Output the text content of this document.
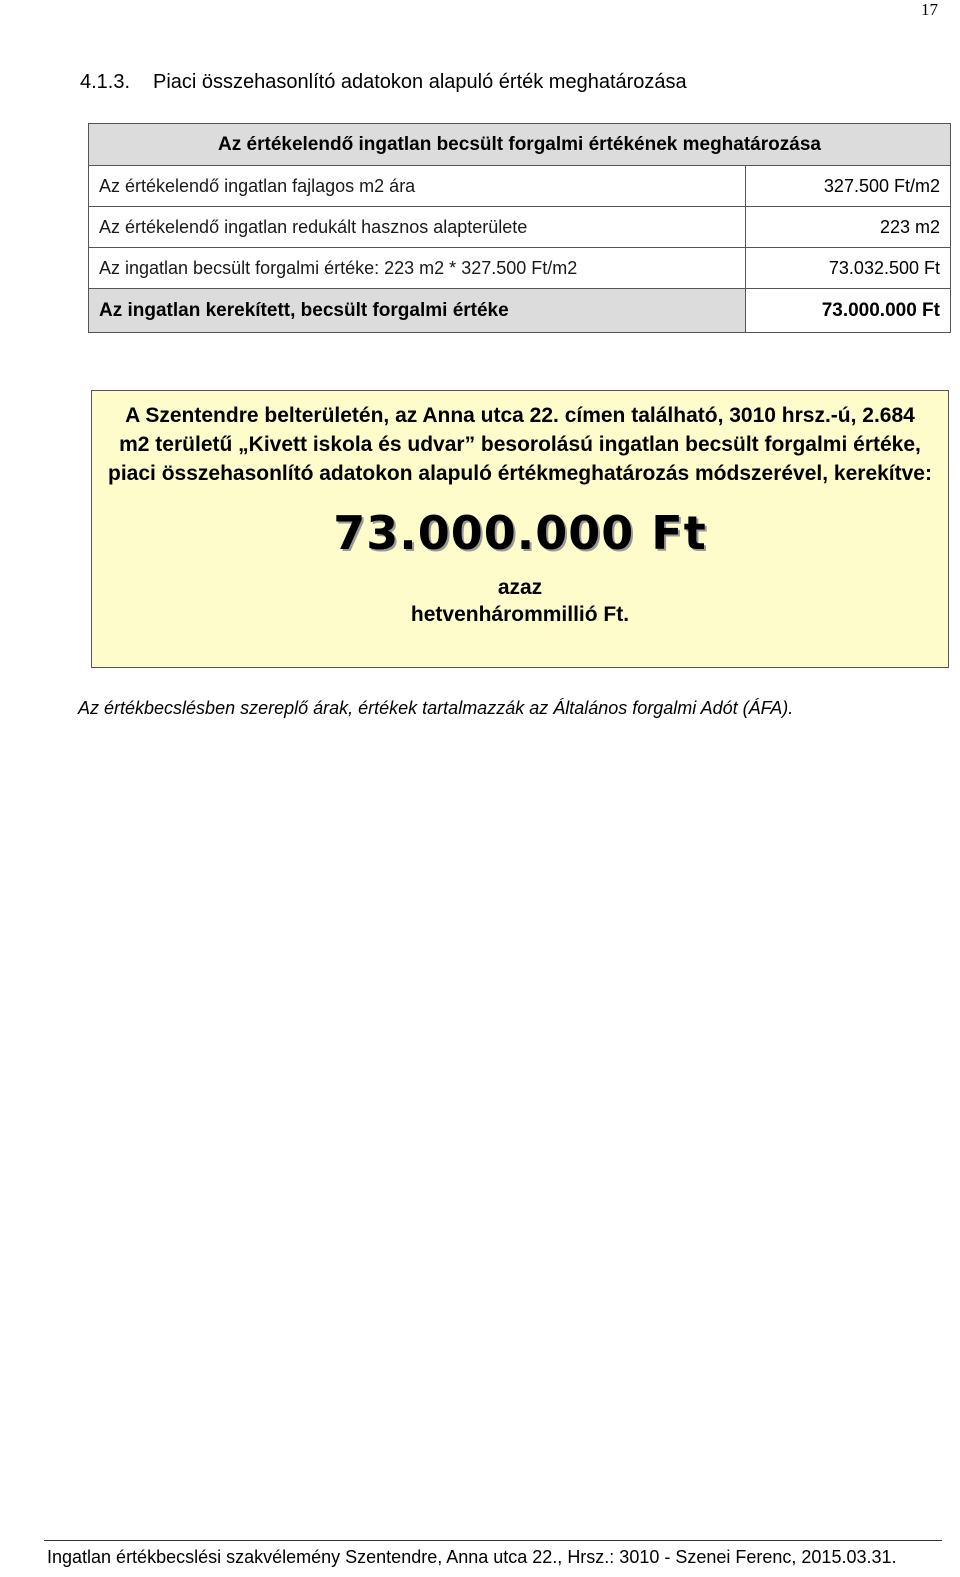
17
4.1.3. Piaci összehasonlító adatokon alapuló érték meghatározása
Az értékelendő ingatlan becsült forgalmi értékének meghatározása	
Az értékelendő ingatlan fajlagos m2 ára	327.500 Ft/m2
Az értékelendő ingatlan redukált hasznos alapterülete	223 m2
Az ingatlan becsült forgalmi értéke: 223 m2 * 327.500 Ft/m2	73.032.500 Ft
Az ingatlan kerekített, becsült forgalmi értéke	73.000.000 Ft
A Szentendre belterületén, az Anna utca 22. címen található, 3010 hrsz.-ú, 2.684 m2 területű „Kivett iskola és udvar” besorolású ingatlan becsült forgalmi értéke, piaci összehasonlító adatokon alapuló értékmeghatározás módszerével, kerekítve:
73.000.000 Ft
azaz
hetvenhárommillió Ft.
Az értékbecslésben szereplő árak, értékek tartalmazzák az Általános forgalmi Adót (ÁFA).
Ingatlan értékbecslési szakvélemény Szentendre, Anna utca 22., Hrsz.: 3010 - Szenei Ferenc, 2015.03.31.
